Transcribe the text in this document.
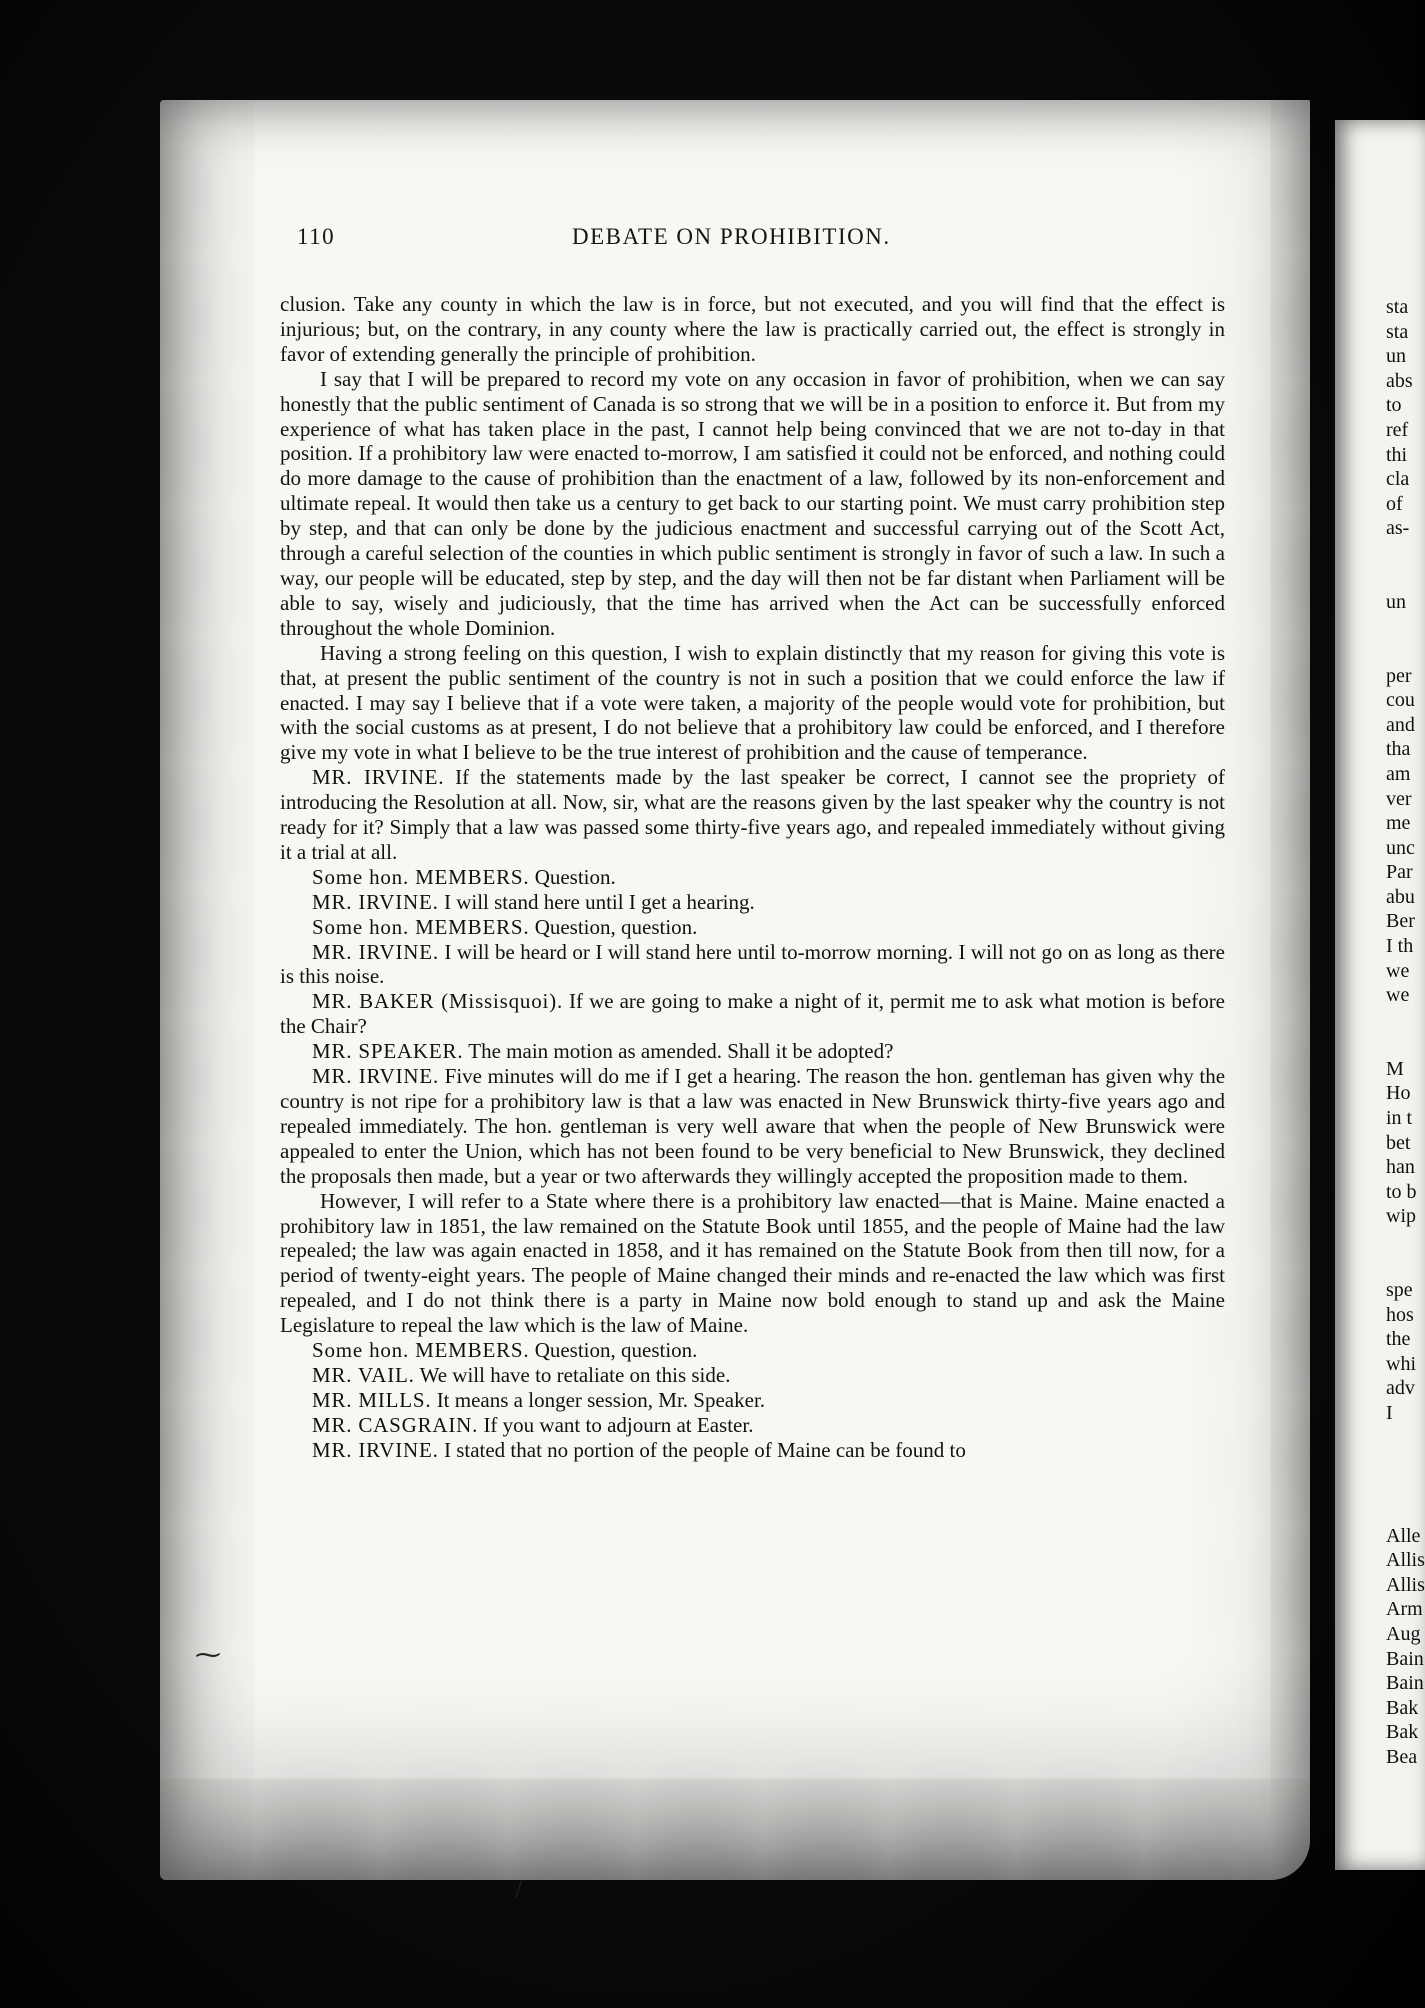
110	DEBATE ON PROHIBITION.

clusion. Take any county in which the law is in force, but not executed, and you will find that the effect is injurious; but, on the contrary, in any county where the law is practically carried out, the effect is strongly in favor of extending generally the principle of prohibition.

I say that I will be prepared to record my vote on any occasion in favor of prohibition, when we can say honestly that the public sentiment of Canada is so strong that we will be in a position to enforce it. But from my experience of what has taken place in the past, I cannot help being convinced that we are not to-day in that position. If a prohibitory law were enacted to-morrow, I am satisfied it could not be enforced, and nothing could do more damage to the cause of prohibition than the enactment of a law, followed by its non-enforcement and ultimate repeal. It would then take us a century to get back to our starting point. We must carry prohibition step by step, and that can only be done by the judicious enactment and successful carrying out of the Scott Act, through a careful selection of the counties in which public sentiment is strongly in favor of such a law. In such a way, our people will be educated, step by step, and the day will then not be far distant when Parliament will be able to say, wisely and judiciously, that the time has arrived when the Act can be successfully enforced throughout the whole Dominion.

Having a strong feeling on this question, I wish to explain distinctly that my reason for giving this vote is that, at present the public sentiment of the country is not in such a position that we could enforce the law if enacted. I may say I believe that if a vote were taken, a majority of the people would vote for prohibition, but with the social customs as at present, I do not believe that a prohibitory law could be enforced, and I therefore give my vote in what I believe to be the true interest of prohibition and the cause of temperance.

MR. IRVINE. If the statements made by the last speaker be correct, I cannot see the propriety of introducing the Resolution at all. Now, sir, what are the reasons given by the last speaker why the country is not ready for it? Simply that a law was passed some thirty-five years ago, and repealed immediately without giving it a trial at all.

Some hon. MEMBERS. Question.

MR. IRVINE. I will stand here until I get a hearing.

Some hon. MEMBERS. Question, question.

MR. IRVINE. I will be heard or I will stand here until to-morrow morning. I will not go on as long as there is this noise.

MR. BAKER (Missisquoi). If we are going to make a night of it, permit me to ask what motion is before the Chair?

MR. SPEAKER. The main motion as amended. Shall it be adopted?

MR. IRVINE. Five minutes will do me if I get a hearing. The reason the hon. gentleman has given why the country is not ripe for a prohibitory law is that a law was enacted in New Brunswick thirty-five years ago and repealed immediately. The hon. gentleman is very well aware that when the people of New Brunswick were appealed to enter the Union, which has not been found to be very beneficial to New Brunswick, they declined the proposals then made, but a year or two afterwards they willingly accepted the proposition made to them.

However, I will refer to a State where there is a prohibitory law enacted—that is Maine. Maine enacted a prohibitory law in 1851, the law remained on the Statute Book until 1855, and the people of Maine had the law repealed; the law was again enacted in 1858, and it has remained on the Statute Book from then till now, for a period of twenty-eight years. The people of Maine changed their minds and re-enacted the law which was first repealed, and I do not think there is a party in Maine now bold enough to stand up and ask the Maine Legislature to repeal the law which is the law of Maine.

Some hon. MEMBERS. Question, question.

MR. VAIL. We will have to retaliate on this side.

MR. MILLS. It means a longer session, Mr. Speaker.

MR. CASGRAIN. If you want to adjourn at Easter.

MR. IRVINE. I stated that no portion of the people of Maine can be found to

sta
sta
un
abs
to
ref
thi
cla
of
as-
un
per
cou
and
tha
am
ver
me
unc
Par
abu
Ber
I th
we
we
M
Ho
in t
bet
han
to b
wip
spe
hos
the
whi
adv
I
Alle
Allis
Allis
Arm
Aug
Bain
Bain
Bak
Bak
Bea
⁓
/
